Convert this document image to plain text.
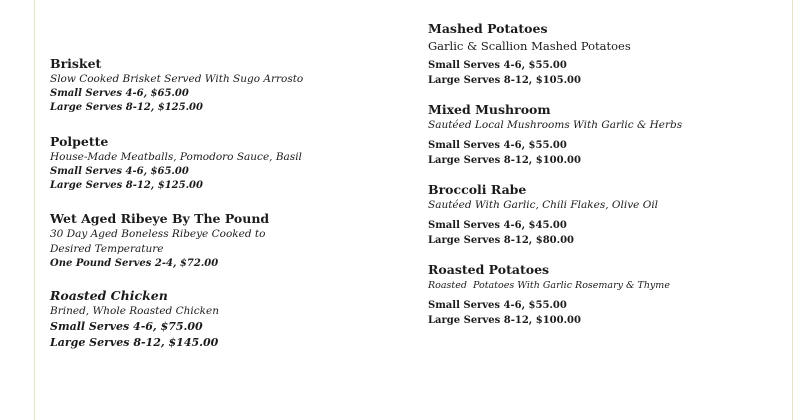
Brisket

Slow Cooked Brisket Served With Sugo Arrosto

Small Serves 4-6, $65.00

Large Serves 8-12, $125.00

Polpette

House-Made Meatballs, Pomodoro Sauce, Basil

Small Serves 4-6, $65.00

Large Serves 8-12, $125.00

Wet Aged Ribeye By The Pound

30 Day Aged Boneless Ribeye Cooked to

Desired Temperature

One Pound Serves 2-4, $72.00

Roasted Chicken

Brined, Whole Roasted Chicken

Small Serves 4-6, $75.00

Large Serves 8-12, $145.00

Mashed Potatoes

Garlic & Scallion Mashed Potatoes

Small Serves 4-6, $55.00

Large Serves 8-12, $105.00

Mixed Mushroom

Sautéed Local Mushrooms With Garlic & Herbs

Small Serves 4-6, $55.00

Large Serves 8-12, $100.00

Broccoli Rabe

Sautéed With Garlic, Chili Flakes, Olive Oil

Small Serves 4-6, $45.00

Large Serves 8-12, $80.00

Roasted Potatoes

Roasted  Potatoes With Garlic Rosemary & Thyme

Small Serves 4-6, $55.00

Large Serves 8-12, $100.00
